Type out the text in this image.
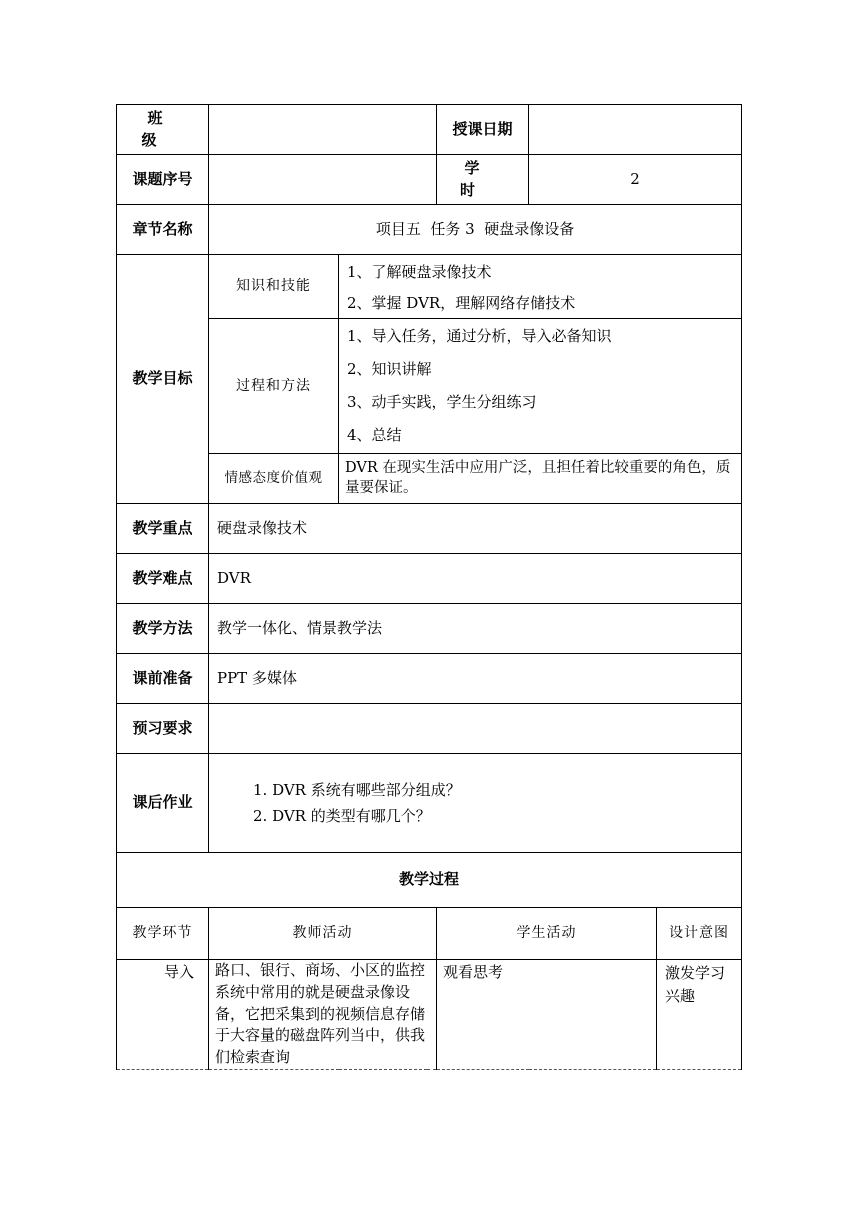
班级			授课日期		
课题序号			学时	2	
章节名称	项目五  任务 3  硬盘录像设备				
教学目标	知识和技能	1、了解硬盘录像技术
2、掌握 DVR，理解网络存储技术			

	过程和方法	1、导入任务，通过分析，导入必备知识
2、知识讲解
3、动手实践，学生分组练习
4、总结			

	情感态度价值观	DVR 在现实生活中应用广泛，且担任着比较重要的角色，质量要保证。			
教学重点	硬盘录像技术				
教学难点	DVR				
教学方法	教学一体化、情景教学法				
课前准备	PPT 多媒体				
预习要求					
课后作业	1. DVR 系统有哪些部分组成？
2. DVR 的类型有哪几个？				

教学过程					
教学环节	教师活动		学生活动		设计意图
导入	路口、银行、商场、小区的监控系统中常用的就是硬盘录像设备，它把采集到的视频信息存储于大容量的磁盘阵列当中，供我们检索查询		观看思考		激发学习兴趣
